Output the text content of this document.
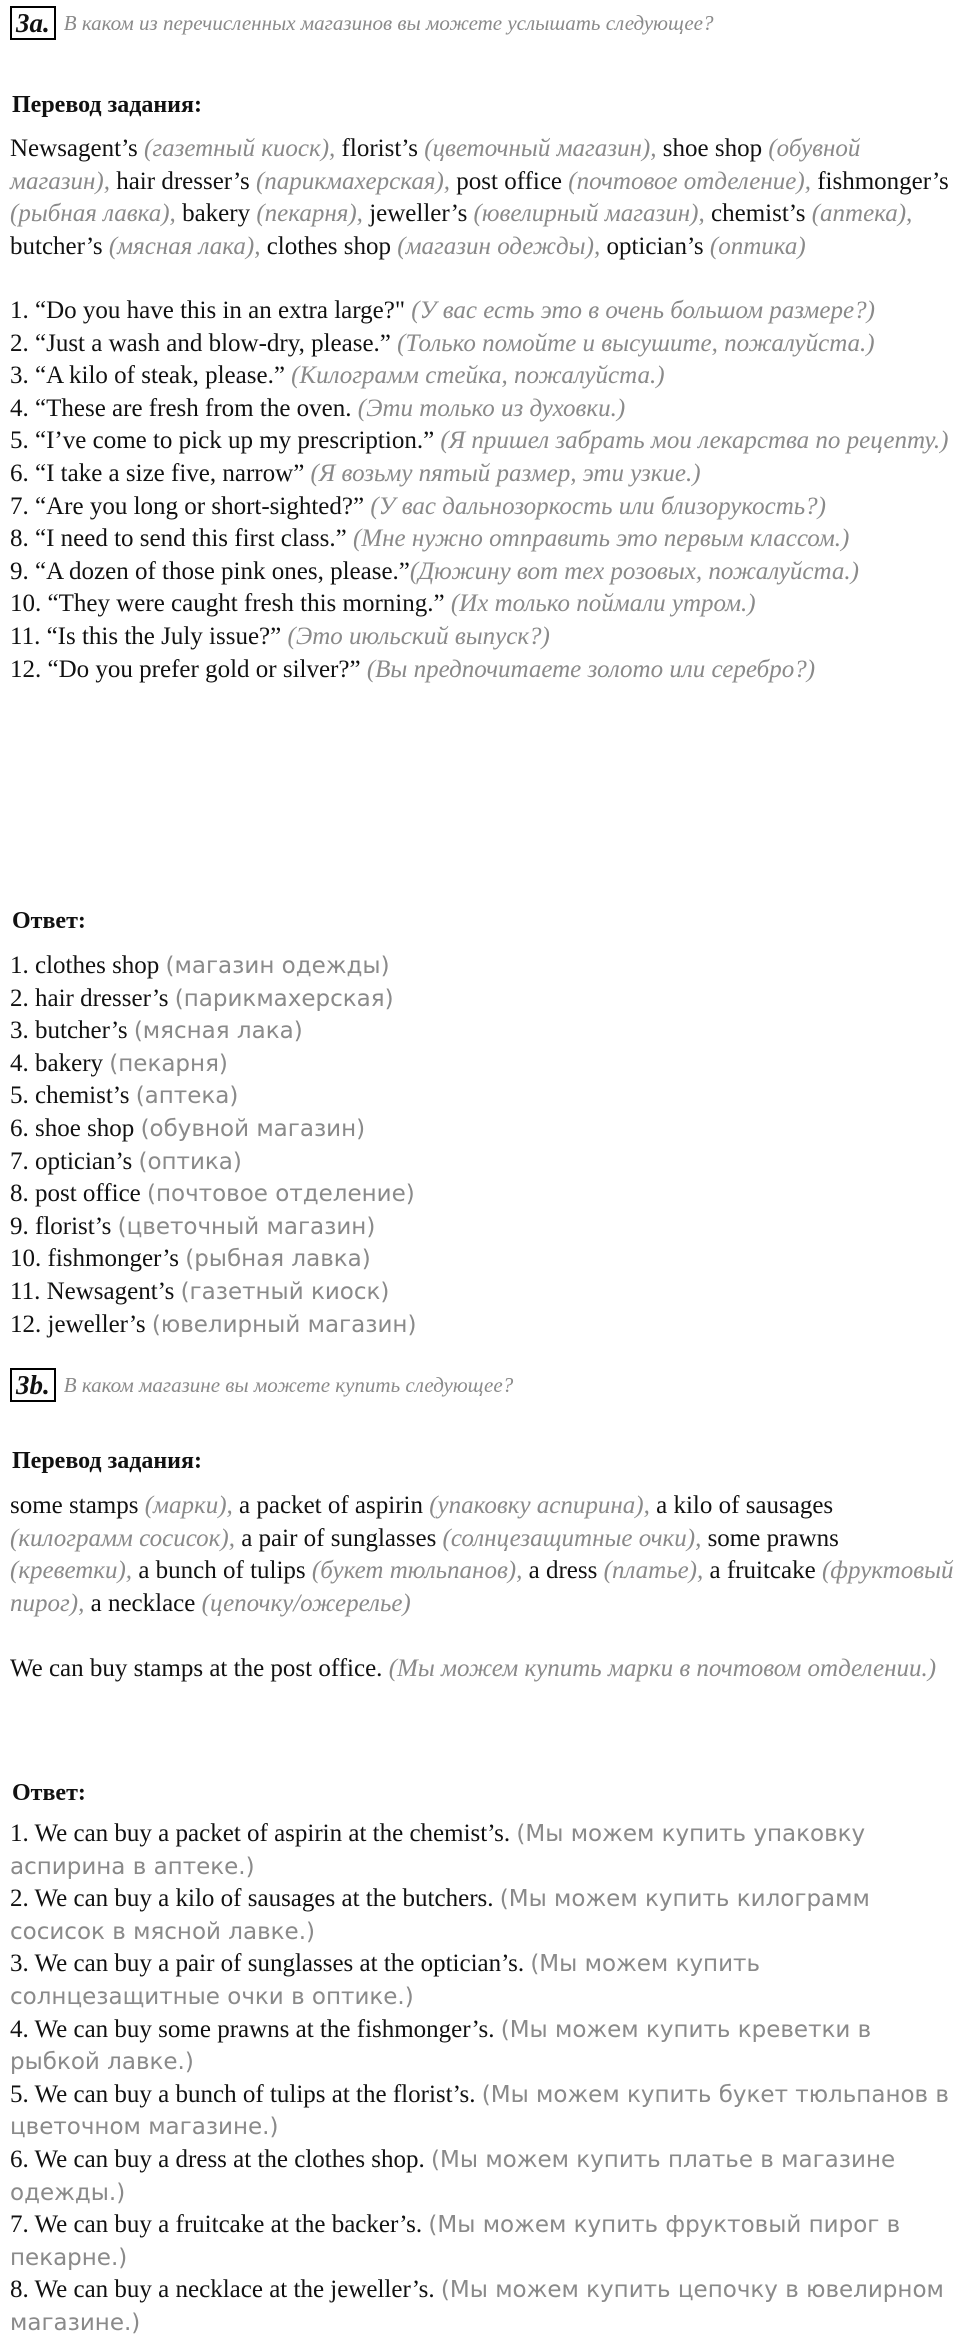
3a. В каком из перечисленных магазинов вы можете услышать следующее?
Перевод задания:
Newsagent’s (газетный киоск), florist’s (цветочный магазин), shoe shop (обувной магазин), hair dresser’s (парикмахерская), post office (почтовое отделение), fishmonger’s (рыбная лавка), bakery (пекарня), jeweller’s (ювелирный магазин), chemist’s (аптека), butcher’s (мясная лака), clothes shop (магазин одежды), optician’s (оптика)
1. “Do you have this in an extra large?" (У вас есть это в очень большом размере?)
2. “Just a wash and blow-dry, please.” (Только помойте и высушите, пожалуйста.)
3. “A kilo of steak, please.” (Килограмм стейка, пожалуйста.)
4. “These are fresh from the oven. (Эти только из духовки.)
5. “I’ve come to pick up my prescription.” (Я пришел забрать мои лекарства по рецепту.)
6. “I take a size five, narrow” (Я возьму пятый размер, эти узкие.)
7. “Are you long or short-sighted?” (У вас дальнозоркость или близорукость?)
8. “I need to send this first class.” (Мне нужно отправить это первым классом.)
9. “A dozen of those pink ones, please.”(Дюжину вот тех розовых, пожалуйста.)
10. “They were caught fresh this morning.” (Их только поймали утром.)
11. “Is this the July issue?” (Это июльский выпуск?)
12. “Do you prefer gold or silver?” (Вы предпочитаете золото или серебро?)
Ответ:
1. clothes shop (магазин одежды)
2. hair dresser’s (парикмахерская)
3. butcher’s (мясная лака)
4. bakery (пекарня)
5. chemist’s (аптека)
6. shoe shop (обувной магазин)
7. optician’s (оптика)
8. post office (почтовое отделение)
9. florist’s (цветочный магазин)
10. fishmonger’s (рыбная лавка)
11. Newsagent’s (газетный киоск)
12. jeweller’s (ювелирный магазин)
3b. В каком магазине вы можете купить следующее?
Перевод задания:
some stamps (марки), a packet of aspirin (упаковку аспирина), a kilo of sausages (килограмм сосисок), a pair of sunglasses (солнцезащитные очки), some prawns (креветки), a bunch of tulips (букет тюльпанов), a dress (платье), a fruitcake (фруктовый пирог), a necklace (цепочку/ожерелье)
We can buy stamps at the post office. (Мы можем купить марки в почтовом отделении.)
Ответ:
1. We can buy a packet of aspirin at the chemist’s. (Мы можем купить упаковку аспирина в аптеке.)
2. We can buy a kilo of sausages at the butchers. (Мы можем купить килограмм сосисок в мясной лавке.)
3. We can buy a pair of sunglasses at the optician’s. (Мы можем купить солнцезащитные очки в оптике.)
4. We can buy some prawns at the fishmonger’s. (Мы можем купить креветки в рыбкой лавке.)
5. We can buy a bunch of tulips at the florist’s. (Мы можем купить букет тюльпанов в цветочном магазине.)
6. We can buy a dress at the clothes shop. (Мы можем купить платье в магазине одежды.)
7. We can buy a fruitcake at the backer’s. (Мы можем купить фруктовый пирог в пекарне.)
8. We can buy a necklace at the jeweller’s. (Мы можем купить цепочку в ювелирном магазине.)
